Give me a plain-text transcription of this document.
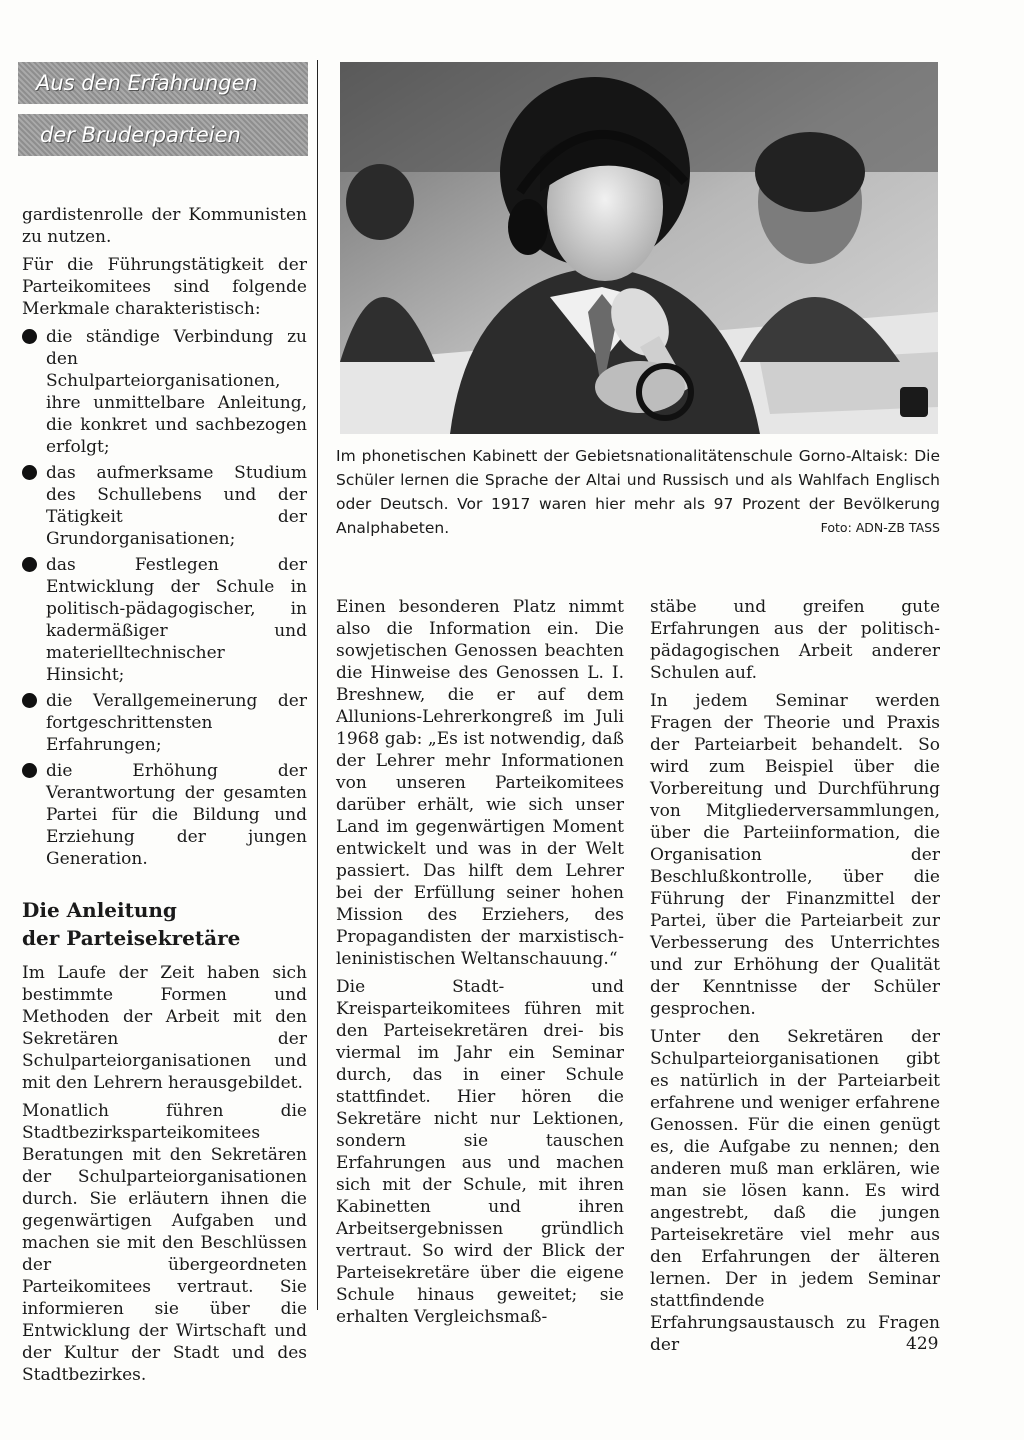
Aus den Erfahrungen
der Bruderparteien

gardistenrolle der Kommunisten zu nutzen.

Für die Führungstätigkeit der Parteikomitees sind folgende Merkmale charakteristisch:

die ständige Verbindung zu den Schulparteiorganisationen, ihre unmittelbare Anleitung, die konkret und sachbezogen erfolgt;
das aufmerksame Studium des Schullebens und der Tätigkeit der Grundorganisationen;
das Festlegen der Entwicklung der Schule in politisch-pädagogischer, in kadermäßiger und materielltechnischer Hinsicht;
die Verallgemeinerung der fortgeschrittensten Erfahrungen;
die Erhöhung der Verantwortung der gesamten Partei für die Bildung und Erziehung der jungen Generation.
Die Anleitung
der Parteisekretäre

Im Laufe der Zeit haben sich bestimmte Formen und Methoden der Arbeit mit den Sekretären der Schulparteiorganisationen und mit den Lehrern herausgebildet.

Monatlich führen die Stadtbezirksparteikomitees Beratungen mit den Sekretären der Schulparteiorganisationen durch. Sie erläutern ihnen die gegenwärtigen Aufgaben und machen sie mit den Beschlüssen der übergeordneten Parteikomitees vertraut. Sie informieren sie über die Entwicklung der Wirtschaft und der Kultur der Stadt und des Stadtbezirkes.

Im phonetischen Kabinett der Gebietsnationalitätenschule Gorno-Altaisk: Die Schüler lernen die Sprache der Altai und Russisch und als Wahlfach Englisch oder Deutsch. Vor 1917 waren hier mehr als 97 Prozent der Bevölkerung Analphabeten.	Foto: ADN-ZB TASS

Einen besonderen Platz nimmt also die Information ein. Die sowjetischen Genossen beachten die Hinweise des Genossen L. I. Breshnew, die er auf dem Allunions-Lehrerkongreß im Juli 1968 gab: „Es ist notwendig, daß der Lehrer mehr Informationen von unseren Parteikomitees darüber erhält, wie sich unser Land im gegenwärtigen Moment entwickelt und was in der Welt passiert. Das hilft dem Lehrer bei der Erfüllung seiner hohen Mission des Erziehers, des Propagandisten der marxistisch-leninistischen Weltanschauung.“

Die Stadt- und Kreisparteikomitees führen mit den Parteisekretären drei- bis viermal im Jahr ein Seminar durch, das in einer Schule stattfindet. Hier hören die Sekretäre nicht nur Lektionen, sondern sie tauschen Erfahrungen aus und machen sich mit der Schule, mit ihren Kabinetten und ihren Arbeitsergebnissen gründlich vertraut. So wird der Blick der Parteisekretäre über die eigene Schule hinaus geweitet; sie erhalten Vergleichsmaß-

stäbe und greifen gute Erfahrungen aus der politisch-pädagogischen Arbeit anderer Schulen auf.

In jedem Seminar werden Fragen der Theorie und Praxis der Parteiarbeit behandelt. So wird zum Beispiel über die Vorbereitung und Durchführung von Mitgliederversammlungen, über die Parteiinformation, die Organisation der Beschlußkontrolle, über die Führung der Finanzmittel der Partei, über die Parteiarbeit zur Verbesserung des Unterrichtes und zur Erhöhung der Qualität der Kenntnisse der Schüler gesprochen.

Unter den Sekretären der Schulparteiorganisationen gibt es natürlich in der Parteiarbeit erfahrene und weniger erfahrene Genossen. Für die einen genügt es, die Aufgabe zu nennen; den anderen muß man erklären, wie man sie lösen kann. Es wird angestrebt, daß die jungen Parteisekretäre viel mehr aus den Erfahrungen der älteren lernen. Der in jedem Seminar stattfindende Erfahrungsaustausch zu Fragen der	429
